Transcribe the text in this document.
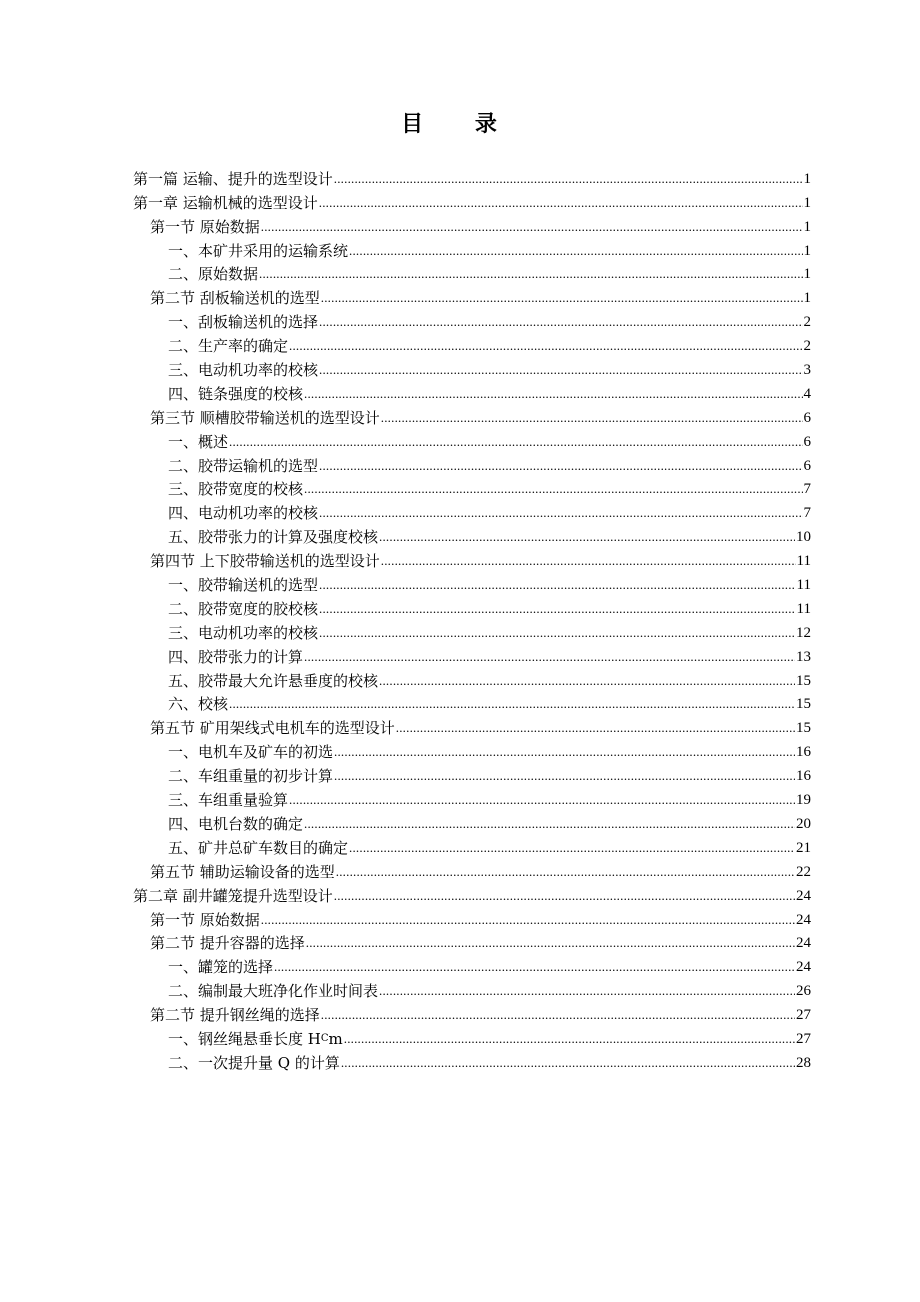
目 录
第一篇 运输、提升的选型设计 .....	1
第一章 运输机械的选型设计 .....	1
第一节 原始数据 .....	1
一、本矿井采用的运输系统 .....	1
二、原始数据 .....	1
第二节 刮板输送机的选型 .....	1
一、刮板输送机的选择 .....	2
二、生产率的确定 .....	2
三、电动机功率的校核 .....	3
四、链条强度的校核 .....	4
第三节 顺槽胶带输送机的选型设计 .....	6
一、概述 .....	6
二、胶带运输机的选型 .....	6
三、胶带宽度的校核 .....	7
四、电动机功率的校核 .....	7
五、胶带张力的计算及强度校核 .....	10
第四节 上下胶带输送机的选型设计 .....	11
一、胶带输送机的选型 .....	11
二、胶带宽度的胶校核 .....	11
三、电动机功率的校核 .....	12
四、胶带张力的计算 .....	13
五、胶带最大允许悬垂度的校核 .....	15
六、校核 .....	15
第五节 矿用架线式电机车的选型设计 .....	15
一、电机车及矿车的初选 .....	16
二、车组重量的初步计算 .....	16
三、车组重量验算 .....	19
四、电机台数的确定 .....	20
五、矿井总矿车数目的确定 .....	21
第五节 辅助运输设备的选型 .....	22
第二章 副井罐笼提升选型设计 .....	24
第一节 原始数据 .....	24
第二节 提升容器的选择 .....	24
一、罐笼的选择 .....	24
二、编制最大班净化作业时间表 .....	26
第二节 提升钢丝绳的选择 .....	27
一、钢丝绳悬垂长度 H C m .....	27
二、一次提升量 Q 的计算 .....	28
